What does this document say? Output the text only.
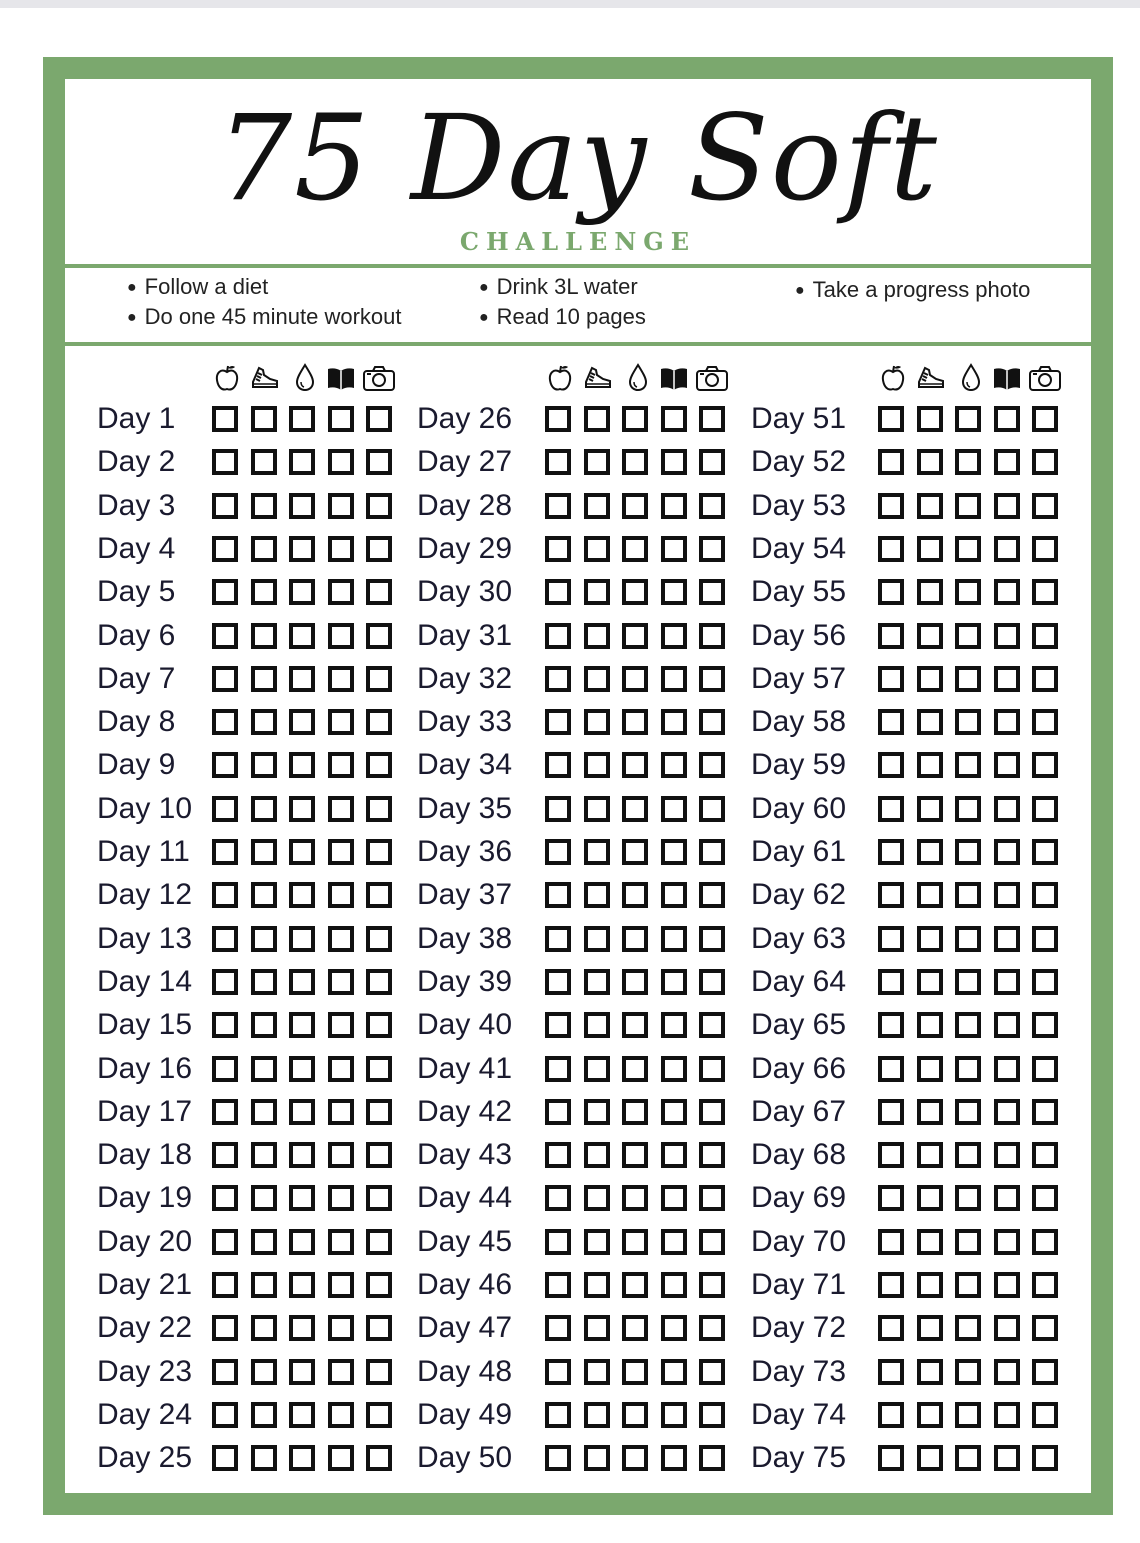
75 Day Soft
CHALLENGE
● Follow a diet
● Do one 45 minute workout
● Drink 3L water
● Read 10 pages
● Take a progress photo
Day 1
Day 2
Day 3
Day 4
Day 5
Day 6
Day 7
Day 8
Day 9
Day 10
Day 11
Day 12
Day 13
Day 14
Day 15
Day 16
Day 17
Day 18
Day 19
Day 20
Day 21
Day 22
Day 23
Day 24
Day 25
Day 26
Day 27
Day 28
Day 29
Day 30
Day 31
Day 32
Day 33
Day 34
Day 35
Day 36
Day 37
Day 38
Day 39
Day 40
Day 41
Day 42
Day 43
Day 44
Day 45
Day 46
Day 47
Day 48
Day 49
Day 50
Day 51
Day 52
Day 53
Day 54
Day 55
Day 56
Day 57
Day 58
Day 59
Day 60
Day 61
Day 62
Day 63
Day 64
Day 65
Day 66
Day 67
Day 68
Day 69
Day 70
Day 71
Day 72
Day 73
Day 74
Day 75
